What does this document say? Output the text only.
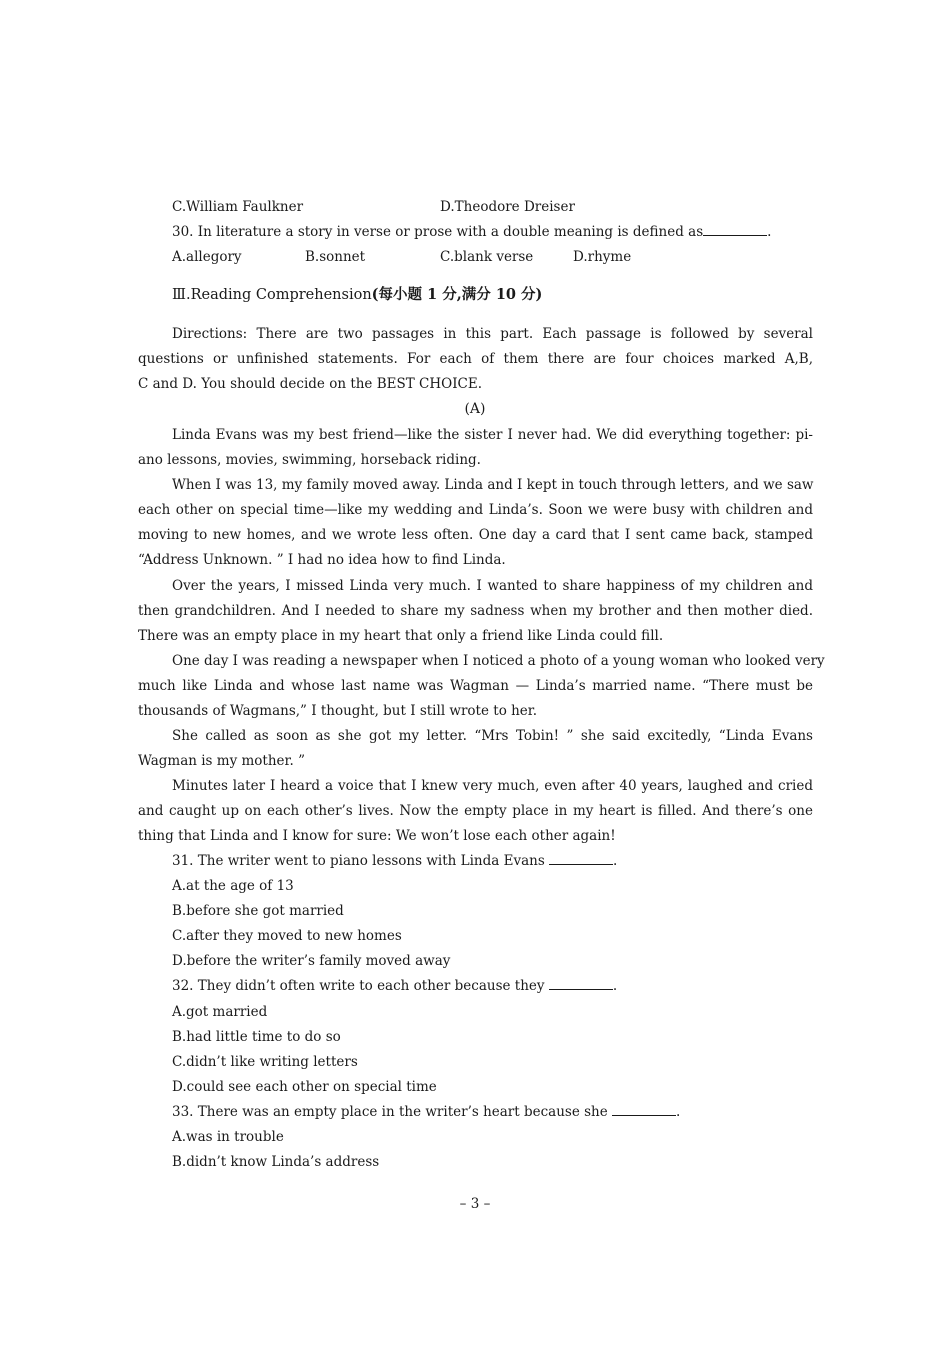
C.William Faulkner	D.Theodore Dreiser
30. In literature a story in verse or prose with a double meaning is defined as	.
A.allegory	B.sonnet	C.blank verse	D.rhyme
Ⅲ.Reading Comprehension(每小题 1 分,满分 10 分)
Directions: There are two passages in this part. Each passage is followed by several
questions or unfinished statements. For each of them there are four choices marked A,B,
C and D. You should decide on the BEST CHOICE.
(A)
Linda Evans was my best friend—like the sister I never had. We did everything together: pi-
ano lessons, movies, swimming, horseback riding.
When I was 13, my family moved away. Linda and I kept in touch through letters, and we saw
each other on special time—like my wedding and Linda’s. Soon we were busy with children and
moving to new homes, and we wrote less often. One day a card that I sent came back, stamped
“Address Unknown. ” I had no idea how to find Linda.
Over the years, I missed Linda very much. I wanted to share happiness of my children and
then grandchildren. And I needed to share my sadness when my brother and then mother died.
There was an empty place in my heart that only a friend like Linda could fill.
One day I was reading a newspaper when I noticed a photo of a young woman who looked very
much like Linda and whose last name was Wagman — Linda’s married name. “There must be
thousands of Wagmans,” I thought, but I still wrote to her.
She called as soon as she got my letter. “Mrs Tobin! ” she said excitedly, “Linda Evans
Wagman is my mother. ”
Minutes later I heard a voice that I knew very much, even after 40 years, laughed and cried
and caught up on each other’s lives. Now the empty place in my heart is filled. And there’s one
thing that Linda and I know for sure: We won’t lose each other again!
31. The writer went to piano lessons with Linda Evans	.
A.at the age of 13
B.before she got married
C.after they moved to new homes
D.before the writer’s family moved away
32. They didn’t often write to each other because they	.
A.got married
B.had little time to do so
C.didn’t like writing letters
D.could see each other on special time
33. There was an empty place in the writer’s heart because she	.
A.was in trouble
B.didn’t know Linda’s address
– 3 –
